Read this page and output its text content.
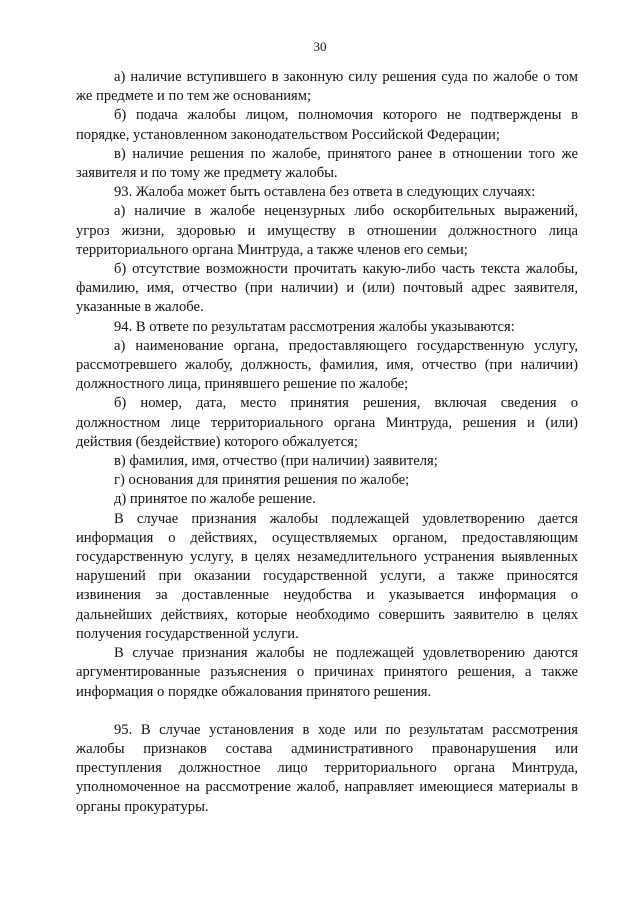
30

а) наличие вступившего в законную силу решения суда по жалобе о том же предмете и по тем же основаниям;

б) подача жалобы лицом, полномочия которого не подтверждены в порядке, установленном законодательством Российской Федерации;

в) наличие решения по жалобе, принятого ранее в отношении того же заявителя и по тому же предмету жалобы.

93. Жалоба может быть оставлена без ответа в следующих случаях:

а) наличие в жалобе нецензурных либо оскорбительных выражений, угроз жизни, здоровью и имуществу в отношении должностного лица территориального органа Минтруда, а также членов его семьи;

б) отсутствие возможности прочитать какую-либо часть текста жалобы, фамилию, имя, отчество (при наличии) и (или) почтовый адрес заявителя, указанные в жалобе.

94. В ответе по результатам рассмотрения жалобы указываются:

а) наименование органа, предоставляющего государственную услугу, рассмотревшего жалобу, должность, фамилия, имя, отчество (при наличии) должностного лица, принявшего решение по жалобе;

б) номер, дата, место принятия решения, включая сведения о должностном лице территориального органа Минтруда, решения и (или) действия (бездействие) которого обжалуется;

в) фамилия, имя, отчество (при наличии) заявителя;

г) основания для принятия решения по жалобе;

д) принятое по жалобе решение.

В случае признания жалобы подлежащей удовлетворению дается информация о действиях, осуществляемых органом, предоставляющим государственную услугу, в целях незамедлительного устранения выявленных нарушений при оказании государственной услуги, а также приносятся извинения за доставленные неудобства и указывается информация о дальнейших действиях, которые необходимо совершить заявителю в целях получения государственной услуги.

В случае признания жалобы не подлежащей удовлетворению даются аргументированные разъяснения о причинах принятого решения, а также информация о порядке обжалования принятого решения.

95. В случае установления в ходе или по результатам рассмотрения жалобы признаков состава административного правонарушения или преступления должностное лицо территориального органа Минтруда, уполномоченное на рассмотрение жалоб, направляет имеющиеся материалы в органы прокуратуры.
